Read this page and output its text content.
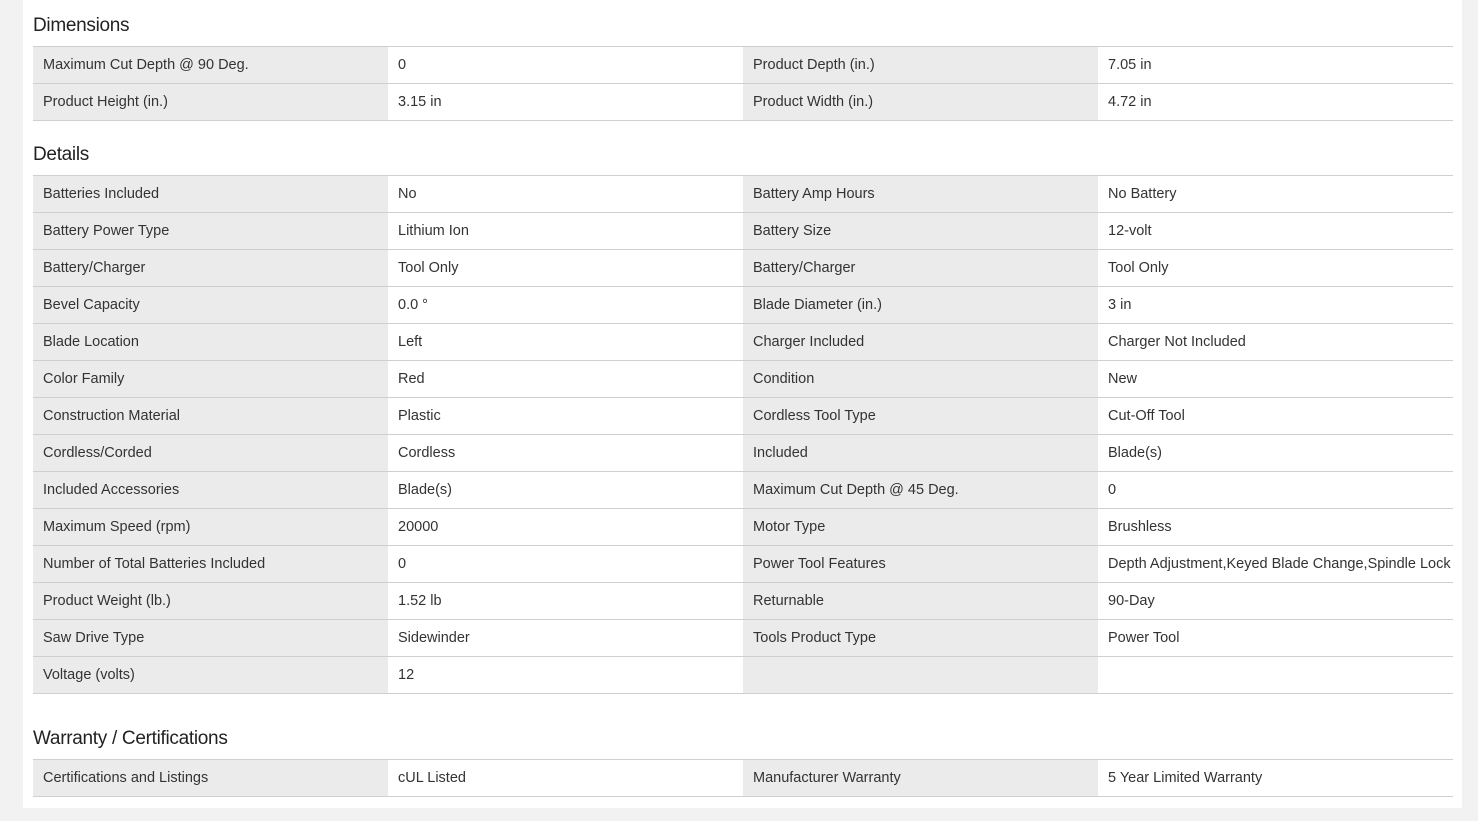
Dimensions
Maximum Cut Depth @ 90 Deg.	0	Product Depth (in.)	7.05 in
Product Height (in.)	3.15 in	Product Width (in.)	4.72 in
Details
Batteries Included	No	Battery Amp Hours	No Battery
Battery Power Type	Lithium Ion	Battery Size	12-volt
Battery/Charger	Tool Only	Battery/Charger	Tool Only
Bevel Capacity	0.0 °	Blade Diameter (in.)	3 in
Blade Location	Left	Charger Included	Charger Not Included
Color Family	Red	Condition	New
Construction Material	Plastic	Cordless Tool Type	Cut-Off Tool
Cordless/Corded	Cordless	Included	Blade(s)
Included Accessories	Blade(s)	Maximum Cut Depth @ 45 Deg.	0
Maximum Speed (rpm)	20000	Motor Type	Brushless
Number of Total Batteries Included	0	Power Tool Features	Depth Adjustment,Keyed Blade Change,Spindle Lock
Product Weight (lb.)	1.52 lb	Returnable	90-Day
Saw Drive Type	Sidewinder	Tools Product Type	Power Tool
Voltage (volts)	12		
Warranty / Certifications
Certifications and Listings	cUL Listed	Manufacturer Warranty	5 Year Limited Warranty
